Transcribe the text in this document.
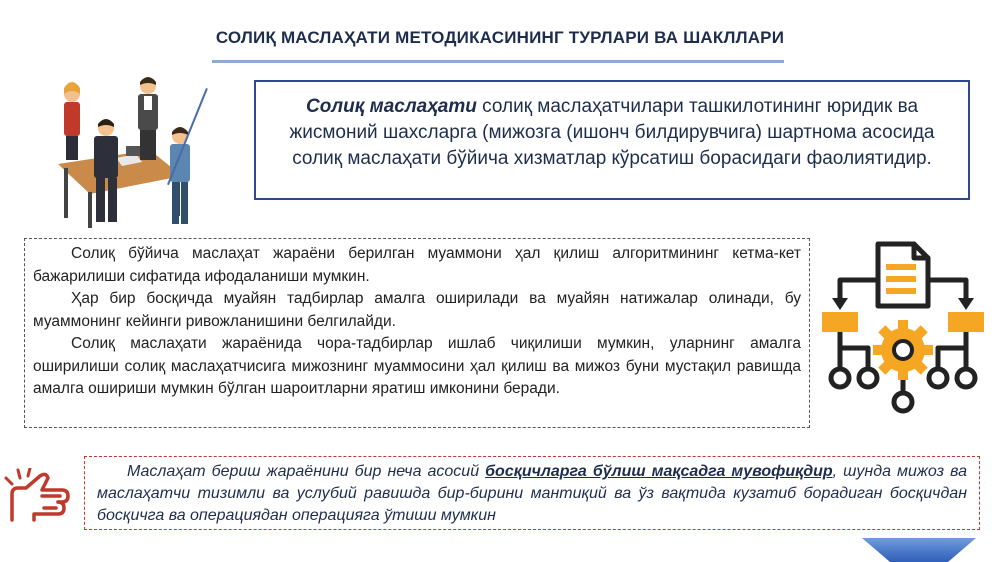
СОЛИҚ МАСЛАҲАТИ МЕТОДИКАСИНИНГ ТУРЛАРИ ВА ШАКЛЛАРИ
Солиқ маслаҳати солиқ маслаҳатчилари ташкилотининг юридик ва жисмоний шахсларга (мижозга (ишонч билдирувчига) шартнома асосида солиқ маслаҳати бўйича хизматлар кўрсатиш борасидаги фаолиятидир.

Солиқ бўйича маслаҳат жараёни берилган муаммони ҳал қилиш алгоритмининг кетма-кет бажарилиши сифатида ифодаланиши мумкин.

Ҳар бир босқичда муайян тадбирлар амалга оширилади ва муайян натижалар олинади, бу муаммонинг кейинги ривожланишини белгилайди.

Солиқ маслаҳати жараёнида чора-тадбирлар ишлаб чиқилиши мумкин, уларнинг амалга оширилиши солиқ маслаҳатчисига мижознинг муаммосини ҳал қилиш ва мижоз буни мустақил равишда амалга ошириши мумкин бўлган шароитларни яратиш имконини беради.

Маслаҳат бериш жараёнини бир неча асосий босқичларга бўлиш мақсадга мувофиқдир, шунда мижоз ва маслаҳатчи тизимли ва услубий равишда бир-бирини мантиқий ва ўз вақтида кузатиб борадиган босқичдан босқичга ва операциядан операцияга ўтиши мумкин
